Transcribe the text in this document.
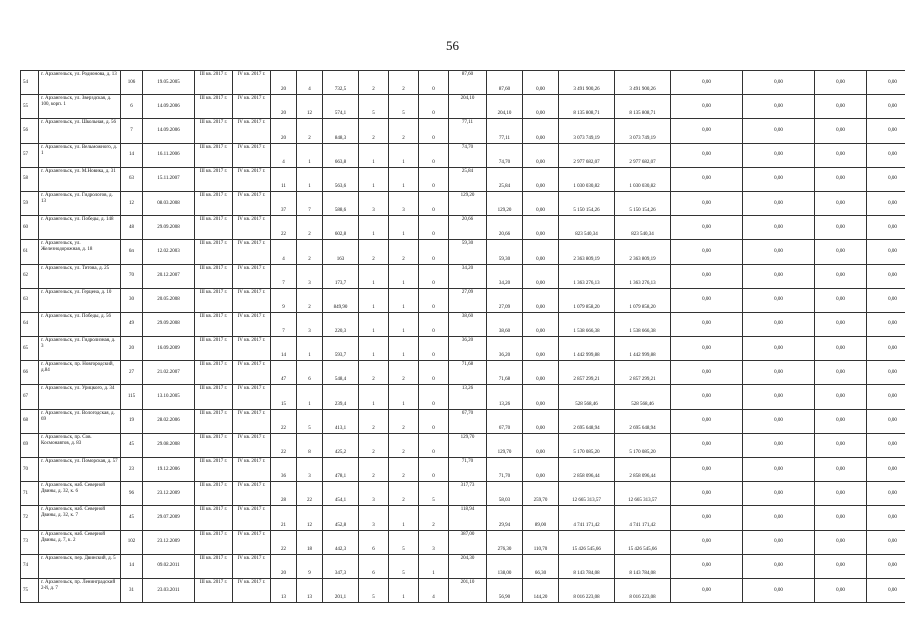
56
54	г. Архангельск, ул. Родионова, д. 13	106	19.05.2005	III кв. 2017 г.	IV кв. 2017 г.	20	4	732,5	2	2	0	87,60	87,60	0,00	3 491 900,26	3 491 900,26	0,00	0,00	0,00	0,00
55	г. Архангельск, ул. Зверздская, д. 100, корп. 1	6	14.09.2006	III кв. 2017 г.	IV кв. 2017 г.	20	12	574,1	5	5	0	204,10	204,10	0,00	8 135 808,71	8 135 808,71	0,00	0,00	0,00	0,00
56	г. Архангельск, ул. Школьная, д. 56	7	14.09.2006	III кв. 2017 г.	IV кв. 2017 г.	20	2	848,3	2	2	0	77,11	77,11	0,00	3 073 749,19	3 073 749,19	0,00	0,00	0,00	0,00
57	г. Архангельск, ул. Вельможного, д. 1	14	16.11.2006	III кв. 2017 г.	IV кв. 2017 г.	4	1	663,8	1	1	0	74,70	74,70	0,00	2 977 682,07	2 977 682,07	0,00	0,00	0,00	0,00
58	г. Архангельск, ул. М.Новика, д. 31	63	15.11.2007	III кв. 2017 г.	IV кв. 2017 г.	11	1	563,6	1	1	0	25,84	25,84	0,00	1 030 030,82	1 030 030,82	0,00	0,00	0,00	0,00
59	г. Архангельск, ул. Гидрологов, д. 13	12	08.03.2008	III кв. 2017 г.	IV кв. 2017 г.	37	7	588,6	3	3	0	129,20	129,20	0,00	5 150 154,26	5 150 154,26	0,00	0,00	0,00	0,00
60	г. Архангельск, ул. Победы, д. 148	48	29.09.2008	III кв. 2017 г.	IV кв. 2017 г.	22	2	602,8	1	1	0	20,66	20,66	0,00	823 540,34	823 540,34	0,00	0,00	0,00	0,00
61	г. Архангельск, ул. Железнодорожная, д. 18	6п	12.02.2003	III кв. 2017 г.	IV кв. 2017 г.	4	2	163	2	2	0	59,30	59,30	0,00	2 363 809,19	2 363 809,19	0,00	0,00	0,00	0,00
62	г. Архангельск, ул. Титова, д. 25	70	20.12.2007	III кв. 2017 г.	IV кв. 2017 г.	7	3	173,7	1	1	0	34,20	34,20	0,00	1 363 276,13	1 363 276,13	0,00	0,00	0,00	0,00
63	г. Архангельск, ул. Герцена, д. 10	30	20.05.2008	III кв. 2017 г.	IV кв. 2017 г.	9	2	849,90	1	1	0	27,09	27,09	0,00	1 079 858,20	1 079 858,20	0,00	0,00	0,00	0,00
64	г. Архангельск, ул. Победы, д. 56	49	29.09.2008	III кв. 2017 г.	IV кв. 2017 г.	7	3	220,3	1	1	0	38,60	38,60	0,00	1 538 666,38	1 538 666,38	0,00	0,00	0,00	0,00
65	г. Архангельск, ул. Гидролизная, д. 3	20	16.09.2009	III кв. 2017 г.	IV кв. 2017 г.	14	1	593,7	1	1	0	36,20	36,20	0,00	1 442 999,88	1 442 999,88	0,00	0,00	0,00	0,00
66	г. Архангельск, пр. Новгородский, д.84	27	21.02.2007	III кв. 2017 г.	IV кв. 2017 г.	47	6	548,4	2	2	0	71,68	71,68	0,00	2 857 299,21	2 857 299,21	0,00	0,00	0,00	0,00
67	г. Архангельск, ул. Урицкого, д. 34	115	13.10.2005	III кв. 2017 г.	IV кв. 2017 г.	15	1	239,4	1	1	0	13,26	13,26	0,00	528 568,46	528 568,46	0,00	0,00	0,00	0,00
68	г. Архангельск, ул. Вологодская, д. 69	19	28.02.2006	III кв. 2017 г.	IV кв. 2017 г.	22	5	413,1	2	2	0	67,70	67,70	0,00	2 695 648,94	2 695 648,94	0,00	0,00	0,00	0,00
69	г. Архангельск, пр. Сов. Космонавтов, д. 83	45	29.08.2008	III кв. 2017 г.	IV кв. 2017 г.	22	8	425,2	2	2	0	129,70	129,70	0,00	5 170 085,20	5 170 085,20	0,00	0,00	0,00	0,00
70	г. Архангельск, ул. Поморская, д. 57	23	19.12.2006	III кв. 2017 г.	IV кв. 2017 г.	36	3	478,1	2	2	0	71,70	71,70	0,00	2 858 096,44	2 858 096,44	0,00	0,00	0,00	0,00
71	г. Архангельск, наб. Северной Двины, д. 32, к. 6	96	23.12.2009	III кв. 2017 г.	IV кв. 2017 г.	28	22	454,1	3	2	5	317,73	58,03	259,70	12 665 313,57	12 665 313,57	0,00	0,00	0,00	0,00
72	г. Архангельск, наб. Северной Двины, д. 32, к. 7	45	29.07.2009	III кв. 2017 г.	IV кв. 2017 г.	21	12	452,8	3	1	2	118,94	29,94	89,00	4 741 171,42	4 741 171,42	0,00	0,00	0,00	0,00
73	г. Архангельск, наб. Северной Двины, д. 7, к. 2	102	23.12.2009	III кв. 2017 г.	IV кв. 2017 г.	22	18	442,3	6	5	3	387,00	276,30	110,70	15 426 545,66	15 426 545,66	0,00	0,00	0,00	0,00
74	г. Архангельск, пер. Двинский, д. 5	14	09.02.2011	III кв. 2017 г.	IV кв. 2017 г.	20	9	347,3	6	5	1	204,30	138,00	66,30	8 143 784,08	8 143 784,08	0,00	0,00	0,00	0,00
75	г. Архангельск, пр. Ленинградский 2-й, д. 7	31	23.03.2011	III кв. 2017 г.	IV кв. 2017 г.	13	13	201,1	5	1	4	201,10	56,90	144,20	8 016 223,08	8 016 223,08	0,00	0,00	0,00	0,00
